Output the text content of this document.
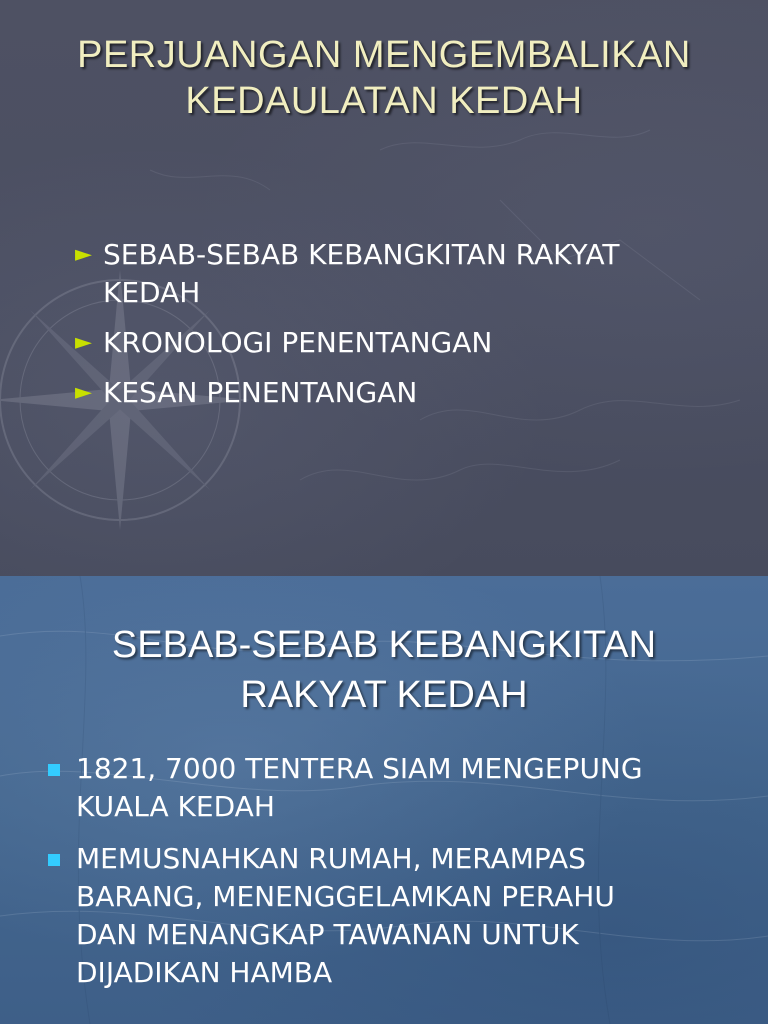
PERJUANGAN MENGEMBALIKAN
KEDAULATAN KEDAH
► SEBAB-SEBAB KEBANGKITAN RAKYAT
KEDAH
► KRONOLOGI PENENTANGAN
► KESAN PENENTANGAN
SEBAB-SEBAB KEBANGKITAN
RAKYAT KEDAH
1821, 7000 TENTERA SIAM MENGEPUNG
KUALA KEDAH
MEMUSNAHKAN RUMAH, MERAMPAS
BARANG, MENENGGELAMKAN PERAHU
DAN MENANGKAP TAWANAN UNTUK
DIJADIKAN HAMBA
